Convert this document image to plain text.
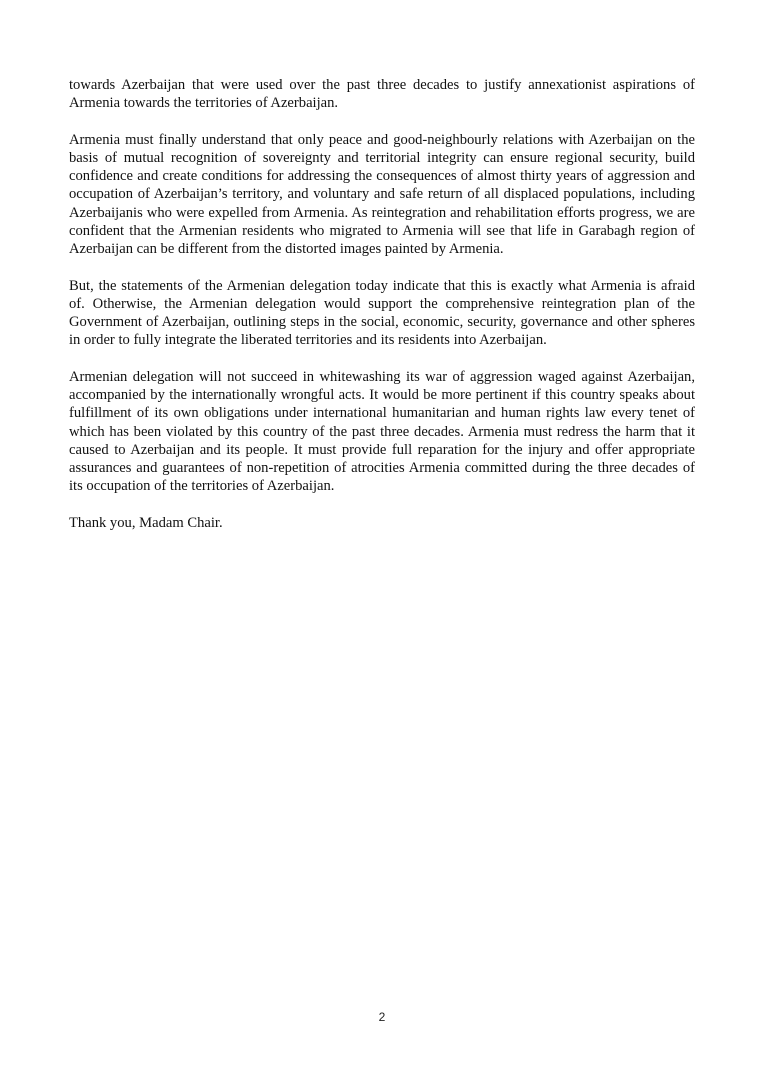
towards Azerbaijan that were used over the past three decades to justify annexationist aspirations of Armenia towards the territories of Azerbaijan.

Armenia must finally understand that only peace and good-neighbourly relations with Azerbaijan on the basis of mutual recognition of sovereignty and territorial integrity can ensure regional security, build confidence and create conditions for addressing the consequences of almost thirty years of aggression and occupation of Azerbaijan’s territory, and voluntary and safe return of all displaced populations, including Azerbaijanis who were expelled from Armenia. As reintegration and rehabilitation efforts progress, we are confident that the Armenian residents who migrated to Armenia will see that life in Garabagh region of Azerbaijan can be different from the distorted images painted by Armenia.

But, the statements of the Armenian delegation today indicate that this is exactly what Armenia is afraid of. Otherwise, the Armenian delegation would support the comprehensive reintegration plan of the Government of Azerbaijan, outlining steps in the social, economic, security, governance and other spheres in order to fully integrate the liberated territories and its residents into Azerbaijan.

Armenian delegation will not succeed in whitewashing its war of aggression waged against Azerbaijan, accompanied by the internationally wrongful acts. It would be more pertinent if this country speaks about fulfillment of its own obligations under international humanitarian and human rights law every tenet of which has been violated by this country of the past three decades. Armenia must redress the harm that it caused to Azerbaijan and its people. It must provide full reparation for the injury and offer appropriate assurances and guarantees of non-repetition of atrocities Armenia committed during the three decades of its occupation of the territories of Azerbaijan.

Thank you, Madam Chair.

2
